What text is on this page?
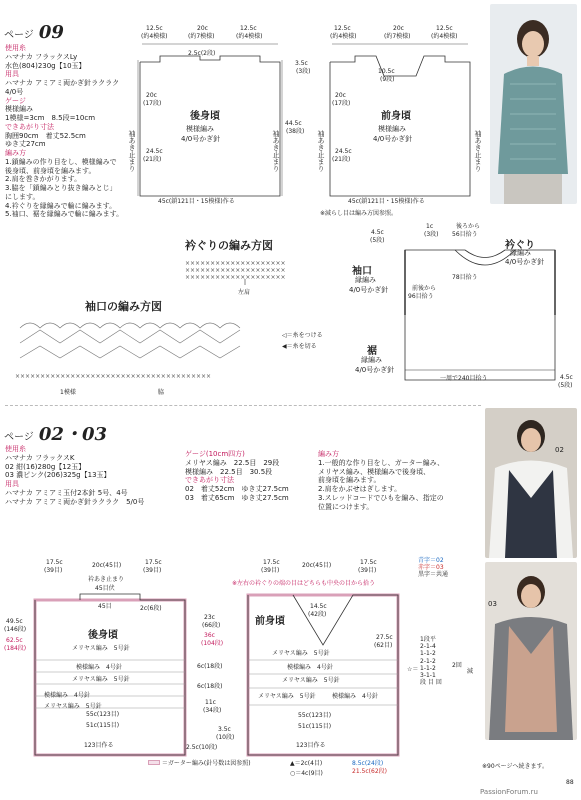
ページ 09
使用糸
ハマナカ フラックスLy
水色(804)230g【10玉】
用具
ハマナカ アミアミ両かぎ針ラクラク
4/0号
ゲージ
模様編み
1模様=3cm　8.5段=10cm
できあがり寸法
胸囲90cm　着丈52.5cm
ゆき丈27cm
編み方
1.鎖編みの作り目をし、模様編みで
後身頃、前身頃を編みます。
2.肩を巻きかがります。
3.脇を「鎖編みとり抜き編みとじ」
にします。
4.衿ぐりを縁編みで輪に編みます。
5.袖口、裾を縁編みで輪に編みます。
12.5c
(約4模様)
20c
(約7模様)
12.5c
(約4模様)
2.5c(2段)
3.5c
(3段)
20c
(17段)
24.5c
(21段)
44.5c
(38段)
袖あき止まり	袖あき止まり
後身頃
模様編み
4/0号かぎ針
45c(鎖121目・15模様)作る
12.5c
(約4模様)
20c
(約7模様)
12.5c
(約4模様)
10.5c
(9段)
20c
(17段)
24.5c
(21段)
袖あき止まり	袖あき止まり
前身頃
模様編み
4/0号かぎ針
45c(鎖121目・15模様)作る
※減らし目は編み方図参照。
衿ぐりの編み方図
××××××××××××××××××××
××××××××××××××××××××
××××××××××××××××××××
左肩
袖口の編み方図
×××××××××××××××××××××××××××××××××××××××
1模様	脇
◁＝糸をつける
◀＝糸を切る
衿ぐり
縁編み
4/0号かぎ針
袖口
縁編み
4/0号かぎ針
裾
縁編み
4/0号かぎ針
1c
(3段)
後ろから
56目拾う
78目拾う
前後から
96目拾う
4.5c
(5段)
一周で240目拾う	4.5c
(5段)
ページ 02・03
使用糸
ハマナカ フラックスK
02 紺(16)280g【12玉】
03 濃ピンク(206)325g【13玉】
用具
ハマナカ アミアミ玉付2本針 5号、4号
ハマナカ アミアミ両かぎ針ラクラク　5/0号
ゲージ(10cm四方)
メリヤス編み　 22.5目　 29段
模様編み　 22.5目　 30.5段
できあがり寸法
02　 着丈52cm　 ゆき丈27.5cm
03　 着丈65cm　 ゆき丈27.5cm
編み方
1.一般的な作り目をし、ガーター編み、
メリヤス編み、模様編みで後身頃、
前身頃を編みます。
2.肩をかぶせはぎします。
3.スレッドコードでひもを編み、指定の
位置につけます。
02
03
青字＝02
赤字＝03
黒字＝共通
17.5c
(39目)
20c(45目)	17.5c
(39目)
衿あき止まり
45目伏
45目	2c(6段)
後身頃
メリヤス編み　5号針
模様編み　4号針
メリヤス編み　5号針
模様編み　4号針
メリヤス編み　5号針
55c(123目)
51c(115目)
123目作る
49.5c
(146段)
62.5c
(184段)
23c
(66段)
36c
(104段)
6c(18段)
6c(18段)
11c
(34段)
3.5c
(10段)
2.5c(10段)
※左右の衿ぐりの端の目はどちらも中央の目から拾う
17.5c
(39目)
20c(45目)	17.5c
(39目)
前身頃
14.5c
(42段)
27.5c
(62目)
メリヤス編み　5号針
模様編み　4号針
メリヤス編み　5号針
メリヤス編み　5号針	模様編み　4号針
55c(123目)
51c(115目)
123目作る
1段平
2-1-4
1-1-2
2-1-2
1-1-2
3-1-1
段 目 回
☆＝
2回
減
＝ガーター編み(針号数は図参照)	▲＝2c(4目)
○＝4c(9目)
8.5c(24段)
21.5c(62段)
※90ページへ続きます。
88
PassionForum.ru
